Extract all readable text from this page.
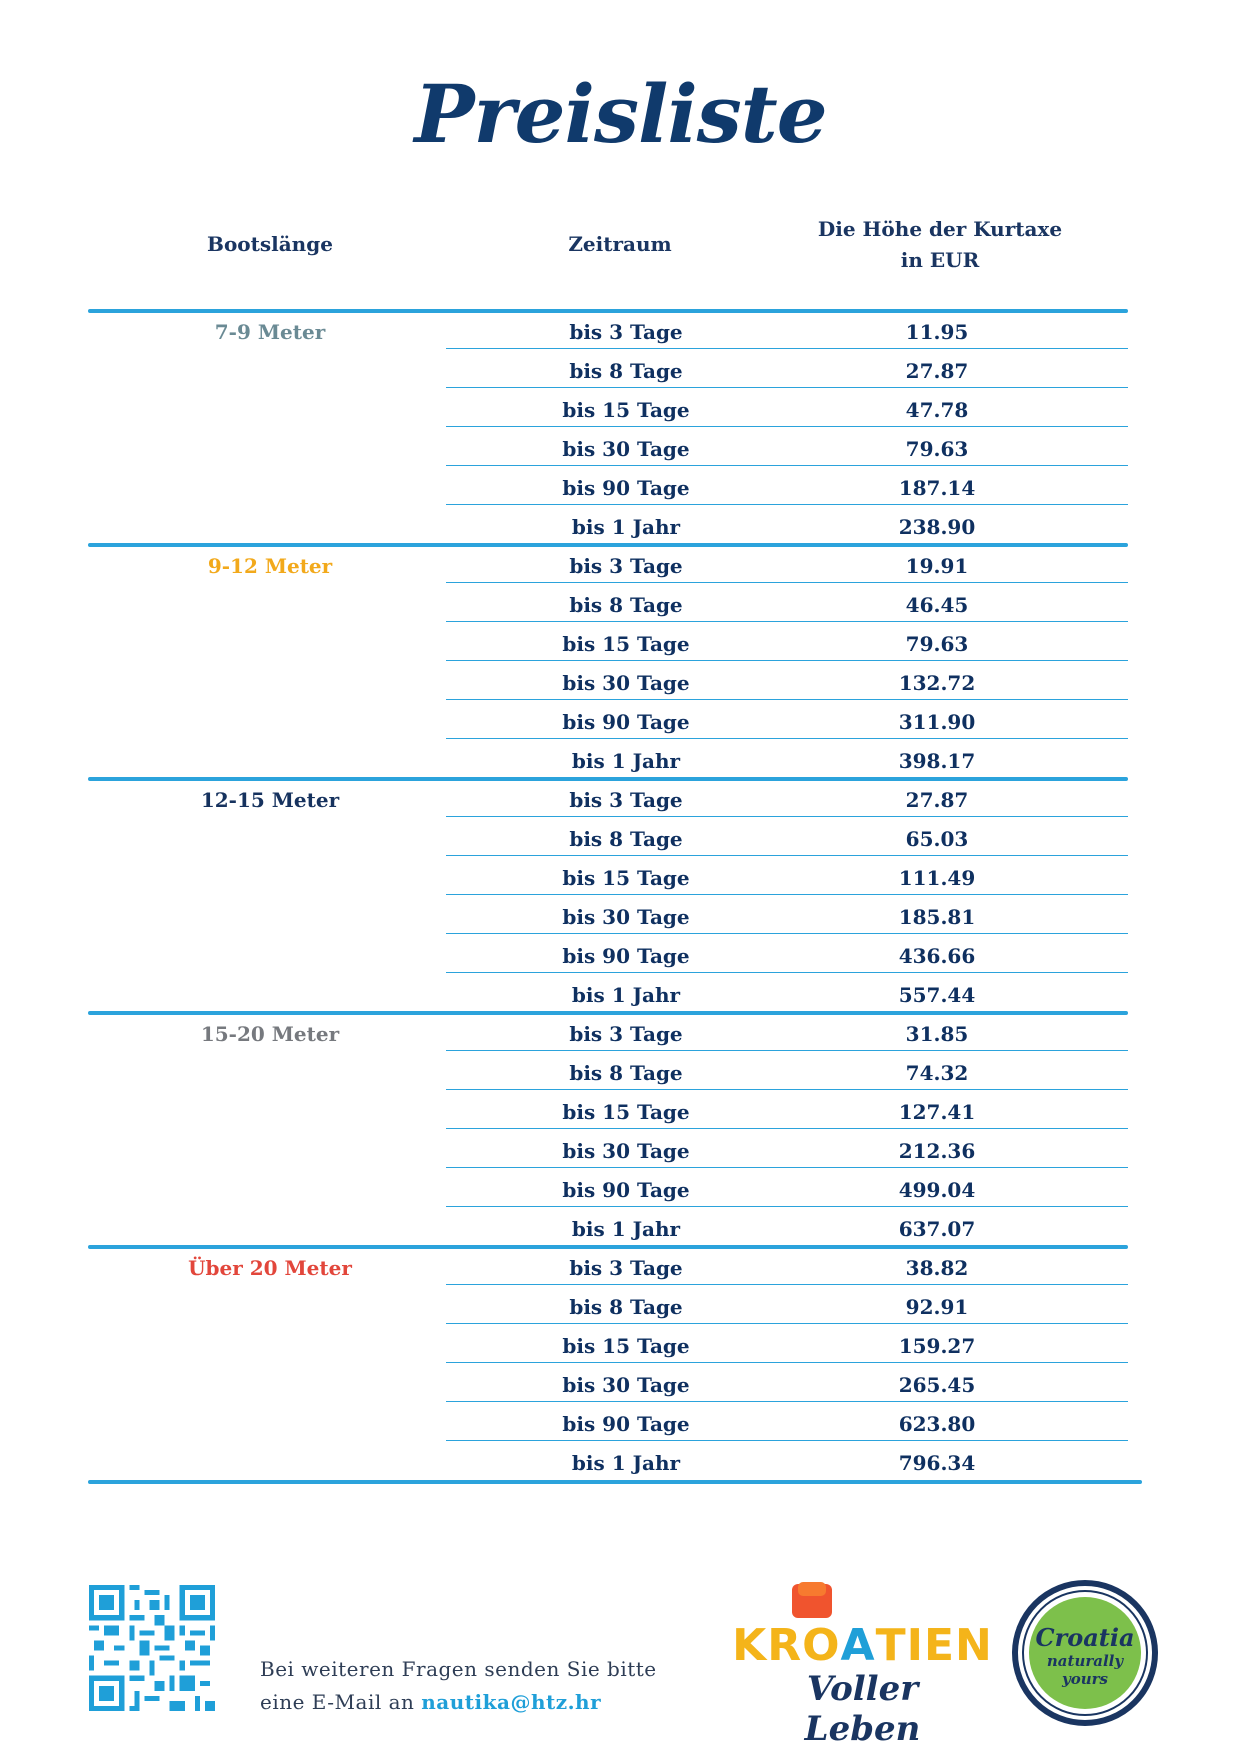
Preisliste
Bootslänge	Zeitraum
Die Höhe der Kurtaxe
in EUR
7-9 Meter	bis 3 Tage	11.95
bis 8 Tage	27.87
bis 15 Tage	47.78
bis 30 Tage	79.63
bis 90 Tage	187.14
bis 1 Jahr	238.90
9-12 Meter	bis 3 Tage	19.91
bis 8 Tage	46.45
bis 15 Tage	79.63
bis 30 Tage	132.72
bis 90 Tage	311.90
bis 1 Jahr	398.17
12-15 Meter	bis 3 Tage	27.87
bis 8 Tage	65.03
bis 15 Tage	111.49
bis 30 Tage	185.81
bis 90 Tage	436.66
bis 1 Jahr	557.44
15-20 Meter	bis 3 Tage	31.85
bis 8 Tage	74.32
bis 15 Tage	127.41
bis 30 Tage	212.36
bis 90 Tage	499.04
bis 1 Jahr	637.07
Über 20 Meter	bis 3 Tage	38.82
bis 8 Tage	92.91
bis 15 Tage	159.27
bis 30 Tage	265.45
bis 90 Tage	623.80
bis 1 Jahr	796.34
Bei weiteren Fragen senden Sie bitte
eine E-Mail an nautika@htz.hr
KRO A TIEN
Voller Leben
Croatia
naturally
yours
